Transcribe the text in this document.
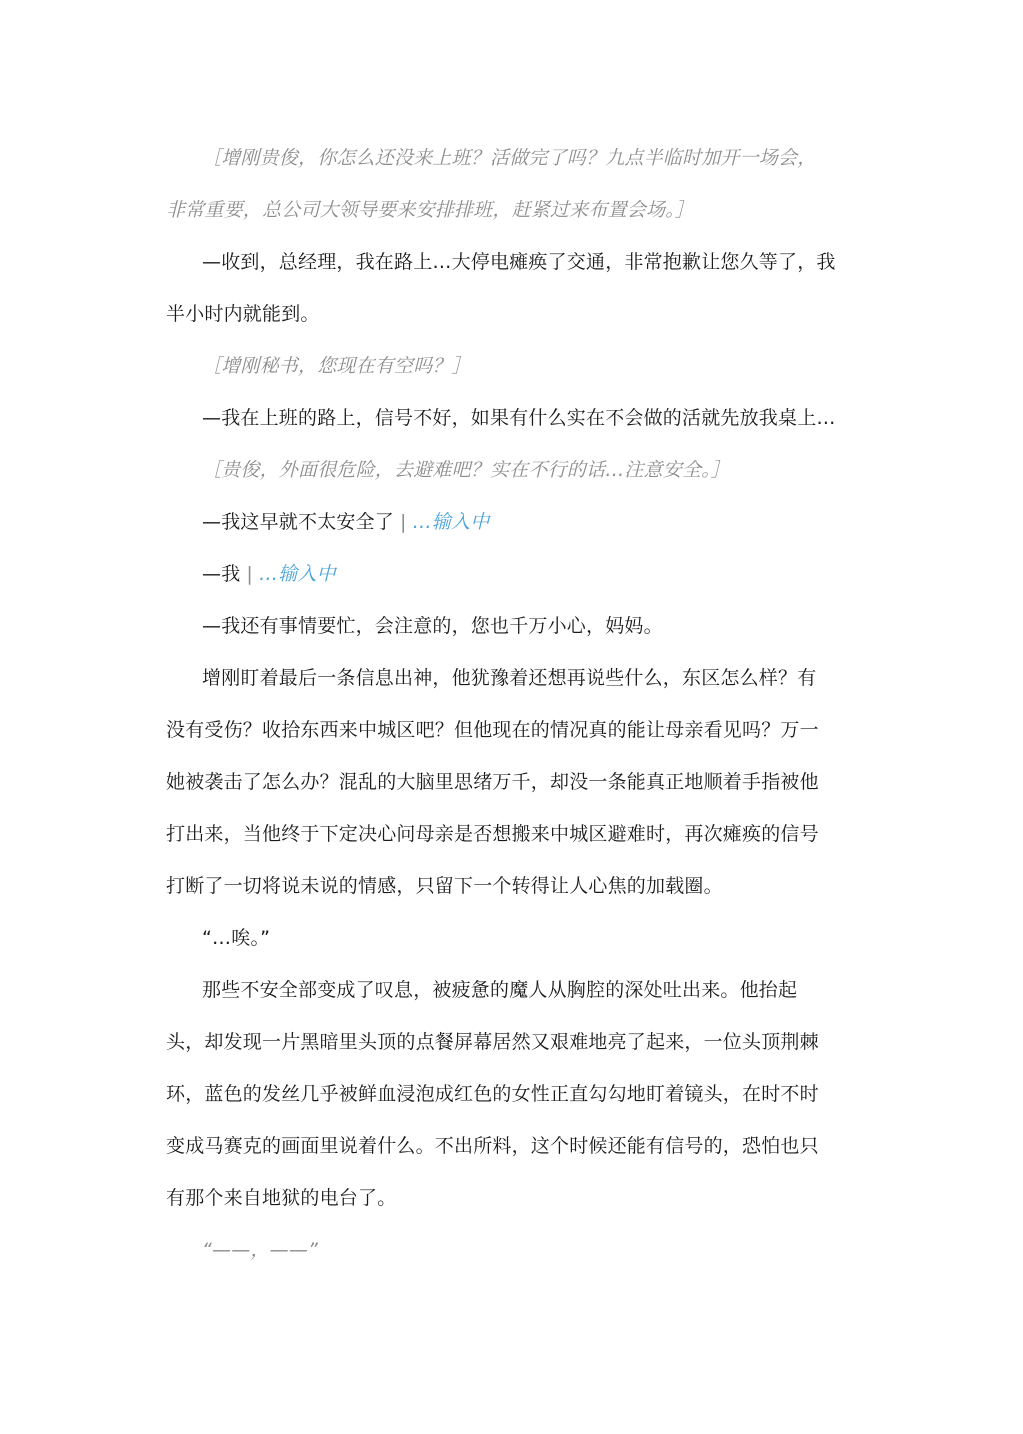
［增刚贵俊，你怎么还没来上班？活做完了吗？九点半临时加开一场会，
非常重要，总公司大领导要来安排排班，赶紧过来布置会场。］
—收到，总经理，我在路上…大停电瘫痪了交通，非常抱歉让您久等了，我
半小时内就能到。
［增刚秘书，您现在有空吗？］
—我在上班的路上，信号不好，如果有什么实在不会做的活就先放我桌上…
［贵俊，外面很危险，去避难吧？实在不行的话…注意安全。］
—我这早就不太安全了 | …输入中
—我 | …输入中
—我还有事情要忙，会注意的，您也千万小心，妈妈。
增刚盯着最后一条信息出神，他犹豫着还想再说些什么，东区怎么样？有
没有受伤？收拾东西来中城区吧？但他现在的情况真的能让母亲看见吗？万一
她被袭击了怎么办？混乱的大脑里思绪万千，却没一条能真正地顺着手指被他
打出来，当他终于下定决心问母亲是否想搬来中城区避难时，再次瘫痪的信号
打断了一切将说未说的情感，只留下一个转得让人心焦的加载圈。
“…唉。”
那些不安全部变成了叹息，被疲惫的魔人从胸腔的深处吐出来。他抬起
头，却发现一片黑暗里头顶的点餐屏幕居然又艰难地亮了起来，一位头顶荆棘
环，蓝色的发丝几乎被鲜血浸泡成红色的女性正直勾勾地盯着镜头，在时不时
变成马赛克的画面里说着什么。不出所料，这个时候还能有信号的，恐怕也只
有那个来自地狱的电台了。
“——，——”
